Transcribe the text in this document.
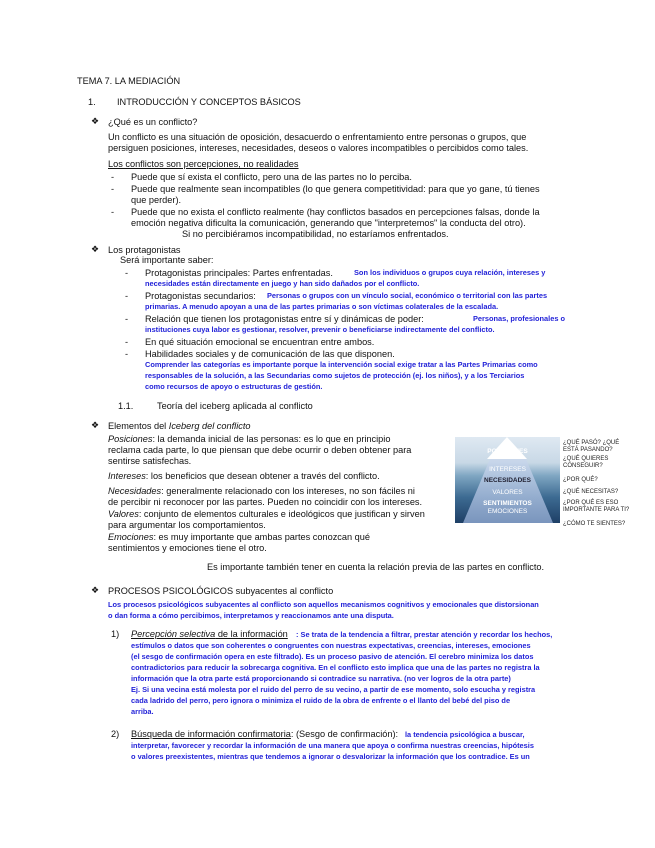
TEMA 7. LA MEDIACIÓN
1. INTRODUCCIÓN Y CONCEPTOS BÁSICOS
❖ ¿Qué es un conflicto?
Un conflicto es una situación de oposición, desacuerdo o enfrentamiento entre personas o grupos, que
persiguen posiciones, intereses, necesidades, deseos o valores incompatibles o percibidos como tales.
Los conflictos son percepciones, no realidades
- Puede que sí exista el conflicto, pero una de las partes no lo perciba.
- Puede que realmente sean incompatibles (lo que genera competitividad: para que yo gane, tú tienes
que perder).
- Puede que no exista el conflicto realmente (hay conflictos basados en percepciones falsas, donde la
emoción negativa dificulta la comunicación, generando que "interpretemos" la conducta del otro).
Si no percibiéramos incompatibilidad, no estaríamos enfrentados.
❖ Los protagonistas
Será importante saber:
- Protagonistas principales: Partes enfrentadas.	Son los individuos o grupos cuya relación, intereses y
necesidades están directamente en juego y han sido dañados por el conflicto.
- Protagonistas secundarios: Personas o grupos con un vínculo social, económico o territorial con las partes
primarias. A menudo apoyan a una de las partes primarias o son víctimas colaterales de la escalada.
- Relación que tienen los protagonistas entre sí y dinámicas de poder:	Personas, profesionales o
instituciones cuya labor es gestionar, resolver, prevenir o beneficiarse indirectamente del conflicto.
- En qué situación emocional se encuentran entre ambos.
- Habilidades sociales y de comunicación de las que disponen.
Comprender las categorías es importante porque la intervención social exige tratar a las Partes Primarias como
responsables de la solución, a las Secundarias como sujetos de protección (ej. los niños), y a los Terciarios
como recursos de apoyo o estructuras de gestión.
1.1.	Teoría del iceberg aplicada al conflicto
❖ Elementos del Iceberg del conflicto
Posiciones: la demanda inicial de las personas: es lo que en principio
reclama cada parte, lo que piensan que debe ocurrir o deben obtener para
sentirse satisfechas.
Intereses: los beneficios que desean obtener a través del conflicto.
Necesidades: generalmente relacionado con los intereses, no son fáciles ni
de percibir ni reconocer por las partes. Pueden no coincidir con los intereses.
Valores: conjunto de elementos culturales e ideológicos que justifican y sirven
para argumentar los comportamientos.
Emociones: es muy importante que ambas partes conozcan qué
sentimientos y emociones tiene el otro.
POSICIONES
INTERESES
NECESIDADES
VALORES
SENTIMIENTOS
EMOCIONES
¿QUÉ PASÓ? ¿QUÉ ESTÁ PASANDO?
¿QUÉ QUIERES CONSEGUIR?
¿POR QUÉ?
¿QUÉ NECESITAS?
¿POR QUÉ ES ESO IMPORTANTE PARA TI?
¿CÓMO TE SIENTES?
Es importante también tener en cuenta la relación previa de las partes en conflicto.
❖ PROCESOS PSICOLÓGICOS subyacentes al conflicto
Los procesos psicológicos subyacentes al conflicto son aquellos mecanismos cognitivos y emocionales que distorsionan
o dan forma a cómo percibimos, interpretamos y reaccionamos ante una disputa.
1) Percepción selectiva de la información : Se trata de la tendencia a filtrar, prestar atención y recordar los hechos,
estímulos o datos que son coherentes o congruentes con nuestras expectativas, creencias, intereses, emociones
(el sesgo de confirmación opera en este filtrado). Es un proceso pasivo de atención. El cerebro minimiza los datos
contradictorios para reducir la sobrecarga cognitiva. En el conflicto esto implica que una de las partes no registra la
información que la otra parte está proporcionando si contradice su narrativa. (no ver logros de la otra parte)
Ej. Si una vecina está molesta por el ruido del perro de su vecino, a partir de ese momento, solo escucha y registra
cada ladrido del perro, pero ignora o minimiza el ruido de la obra de enfrente o el llanto del bebé del piso de
arriba.
2) Búsqueda de información confirmatoria: (Sesgo de confirmación): la tendencia psicológica a buscar,
interpretar, favorecer y recordar la información de una manera que apoya o confirma nuestras creencias, hipótesis
o valores preexistentes, mientras que tendemos a ignorar o desvalorizar la información que los contradice. Es un
